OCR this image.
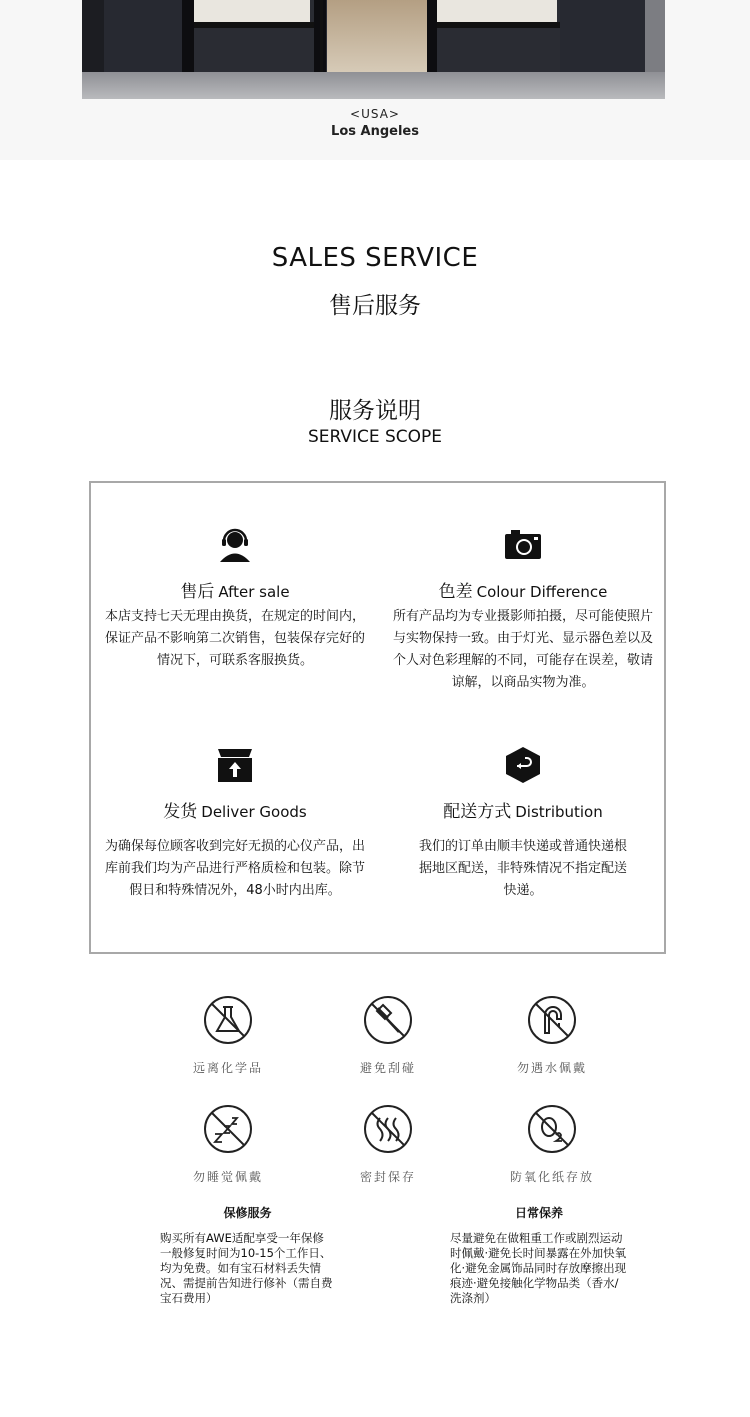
<USA>
Los Angeles
SALES SERVICE
售后服务
服务说明
SERVICE SCOPE
售后 After sale
本店支持七天无理由换货，在规定的时间内，保证产品不影响第二次销售，包装保存完好的情况下，可联系客服换货。
色差 Colour Difference
所有产品均为专业摄影师拍摄，尽可能使照片与实物保持一致。由于灯光、显示器色差以及个人对色彩理解的不同，可能存在误差，敬请谅解，以商品实物为准。
发货 Deliver Goods
为确保每位顾客收到完好无损的心仪产品，出库前我们均为产品进行严格质检和包装。除节假日和特殊情况外，48小时内出库。
配送方式 Distribution
我们的订单由顺丰快递或普通快递根据地区配送，非特殊情况不指定配送快递。
远离化学品	避免刮碰	勿遇水佩戴
勿睡觉佩戴	密封保存	防氧化纸存放
保修服务
购买所有AWE适配享受一年保修一般修复时间为10-15个工作日、均为免费。如有宝石材料丢失情况、需提前告知进行修补（需自费宝石费用）
日常保养
尽量避免在做粗重工作或剧烈运动时佩戴·避免长时间暴露在外加快氧化·避免金属饰品同时存放摩擦出现痕迹·避免接触化学物品类（香水/洗涤剂）
